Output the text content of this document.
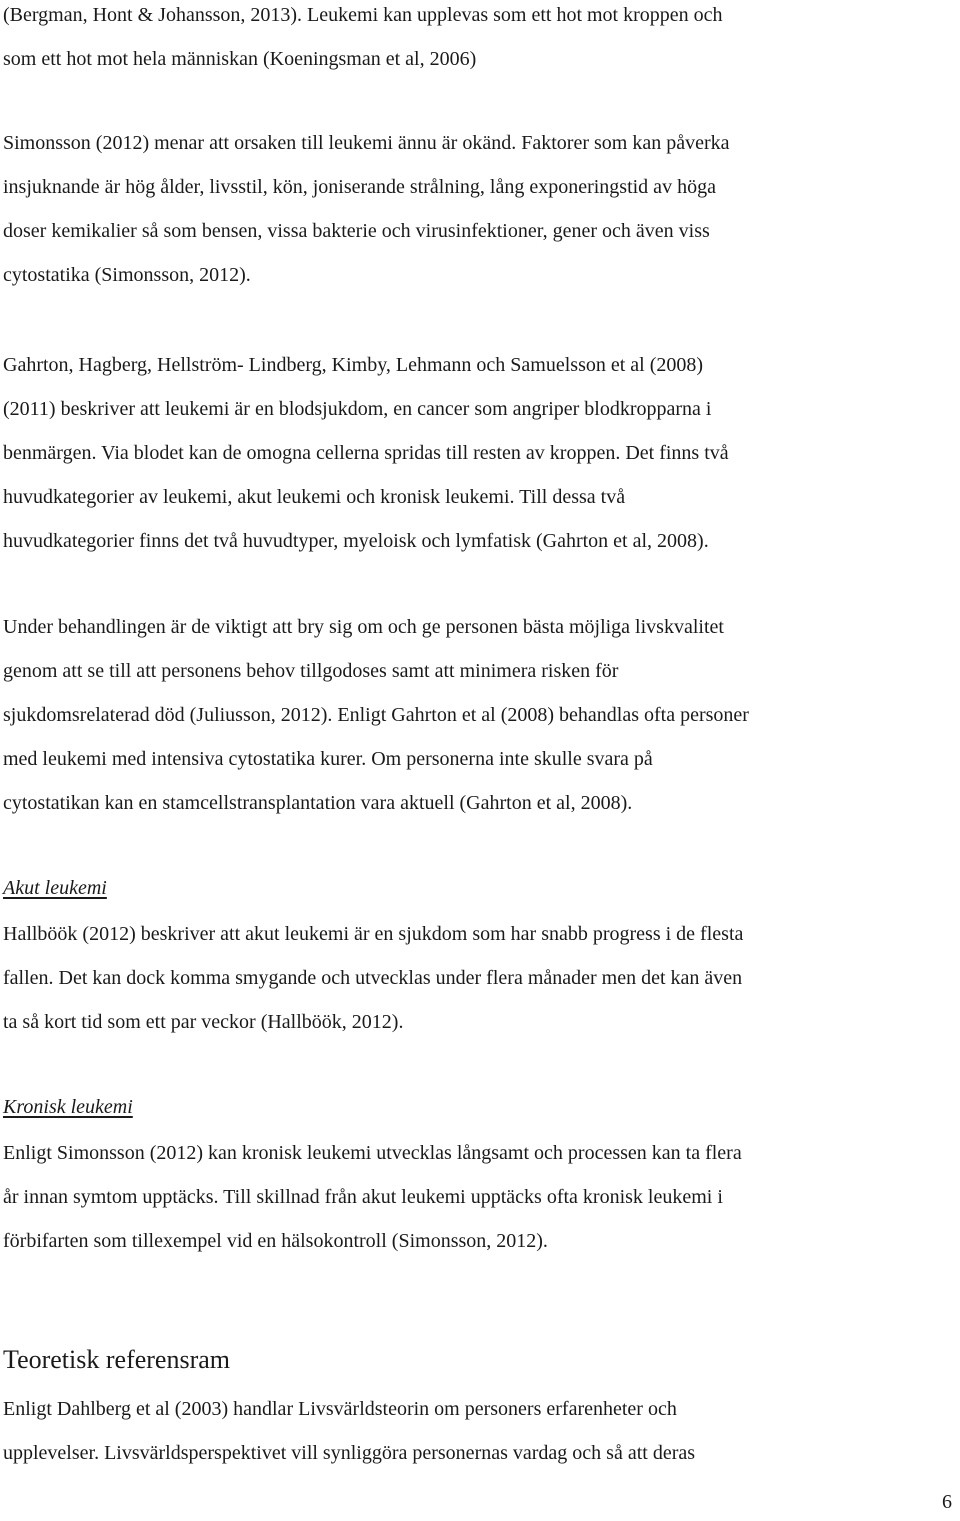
(Bergman, Hont & Johansson, 2013). Leukemi kan upplevas som ett hot mot kroppen och
som ett hot mot hela människan (Koeningsman et al, 2006)
Simonsson (2012) menar att orsaken till leukemi ännu är okänd. Faktorer som kan påverka
insjuknande är hög ålder, livsstil, kön, joniserande strålning, lång exponeringstid av höga
doser kemikalier så som bensen, vissa bakterie och virusinfektioner, gener och även viss
cytostatika (Simonsson, 2012).
Gahrton, Hagberg, Hellström- Lindberg, Kimby, Lehmann och Samuelsson et al (2008)
(2011) beskriver att leukemi är en blodsjukdom, en cancer som angriper blodkropparna i
benmärgen. Via blodet kan de omogna cellerna spridas till resten av kroppen. Det finns två
huvudkategorier av leukemi, akut leukemi och kronisk leukemi. Till dessa två
huvudkategorier finns det två huvudtyper, myeloisk och lymfatisk (Gahrton et al, 2008).
Under behandlingen är de viktigt att bry sig om och ge personen bästa möjliga livskvalitet
genom att se till att personens behov tillgodoses samt att minimera risken för
sjukdomsrelaterad död (Juliusson, 2012). Enligt Gahrton et al (2008) behandlas ofta personer
med leukemi med intensiva cytostatika kurer. Om personerna inte skulle svara på
cytostatikan kan en stamcellstransplantation vara aktuell (Gahrton et al, 2008).
Akut leukemi
Hallböök (2012) beskriver att akut leukemi är en sjukdom som har snabb progress i de flesta
fallen. Det kan dock komma smygande och utvecklas under flera månader men det kan även
ta så kort tid som ett par veckor (Hallböök, 2012).
Kronisk leukemi
Enligt Simonsson (2012) kan kronisk leukemi utvecklas långsamt och processen kan ta flera
år innan symtom upptäcks. Till skillnad från akut leukemi upptäcks ofta kronisk leukemi i
förbifarten som tillexempel vid en hälsokontroll (Simonsson, 2012).
Teoretisk referensram
Enligt Dahlberg et al (2003) handlar Livsvärldsteorin om personers erfarenheter och
upplevelser. Livsvärldsperspektivet vill synliggöra personernas vardag och så att deras
6
